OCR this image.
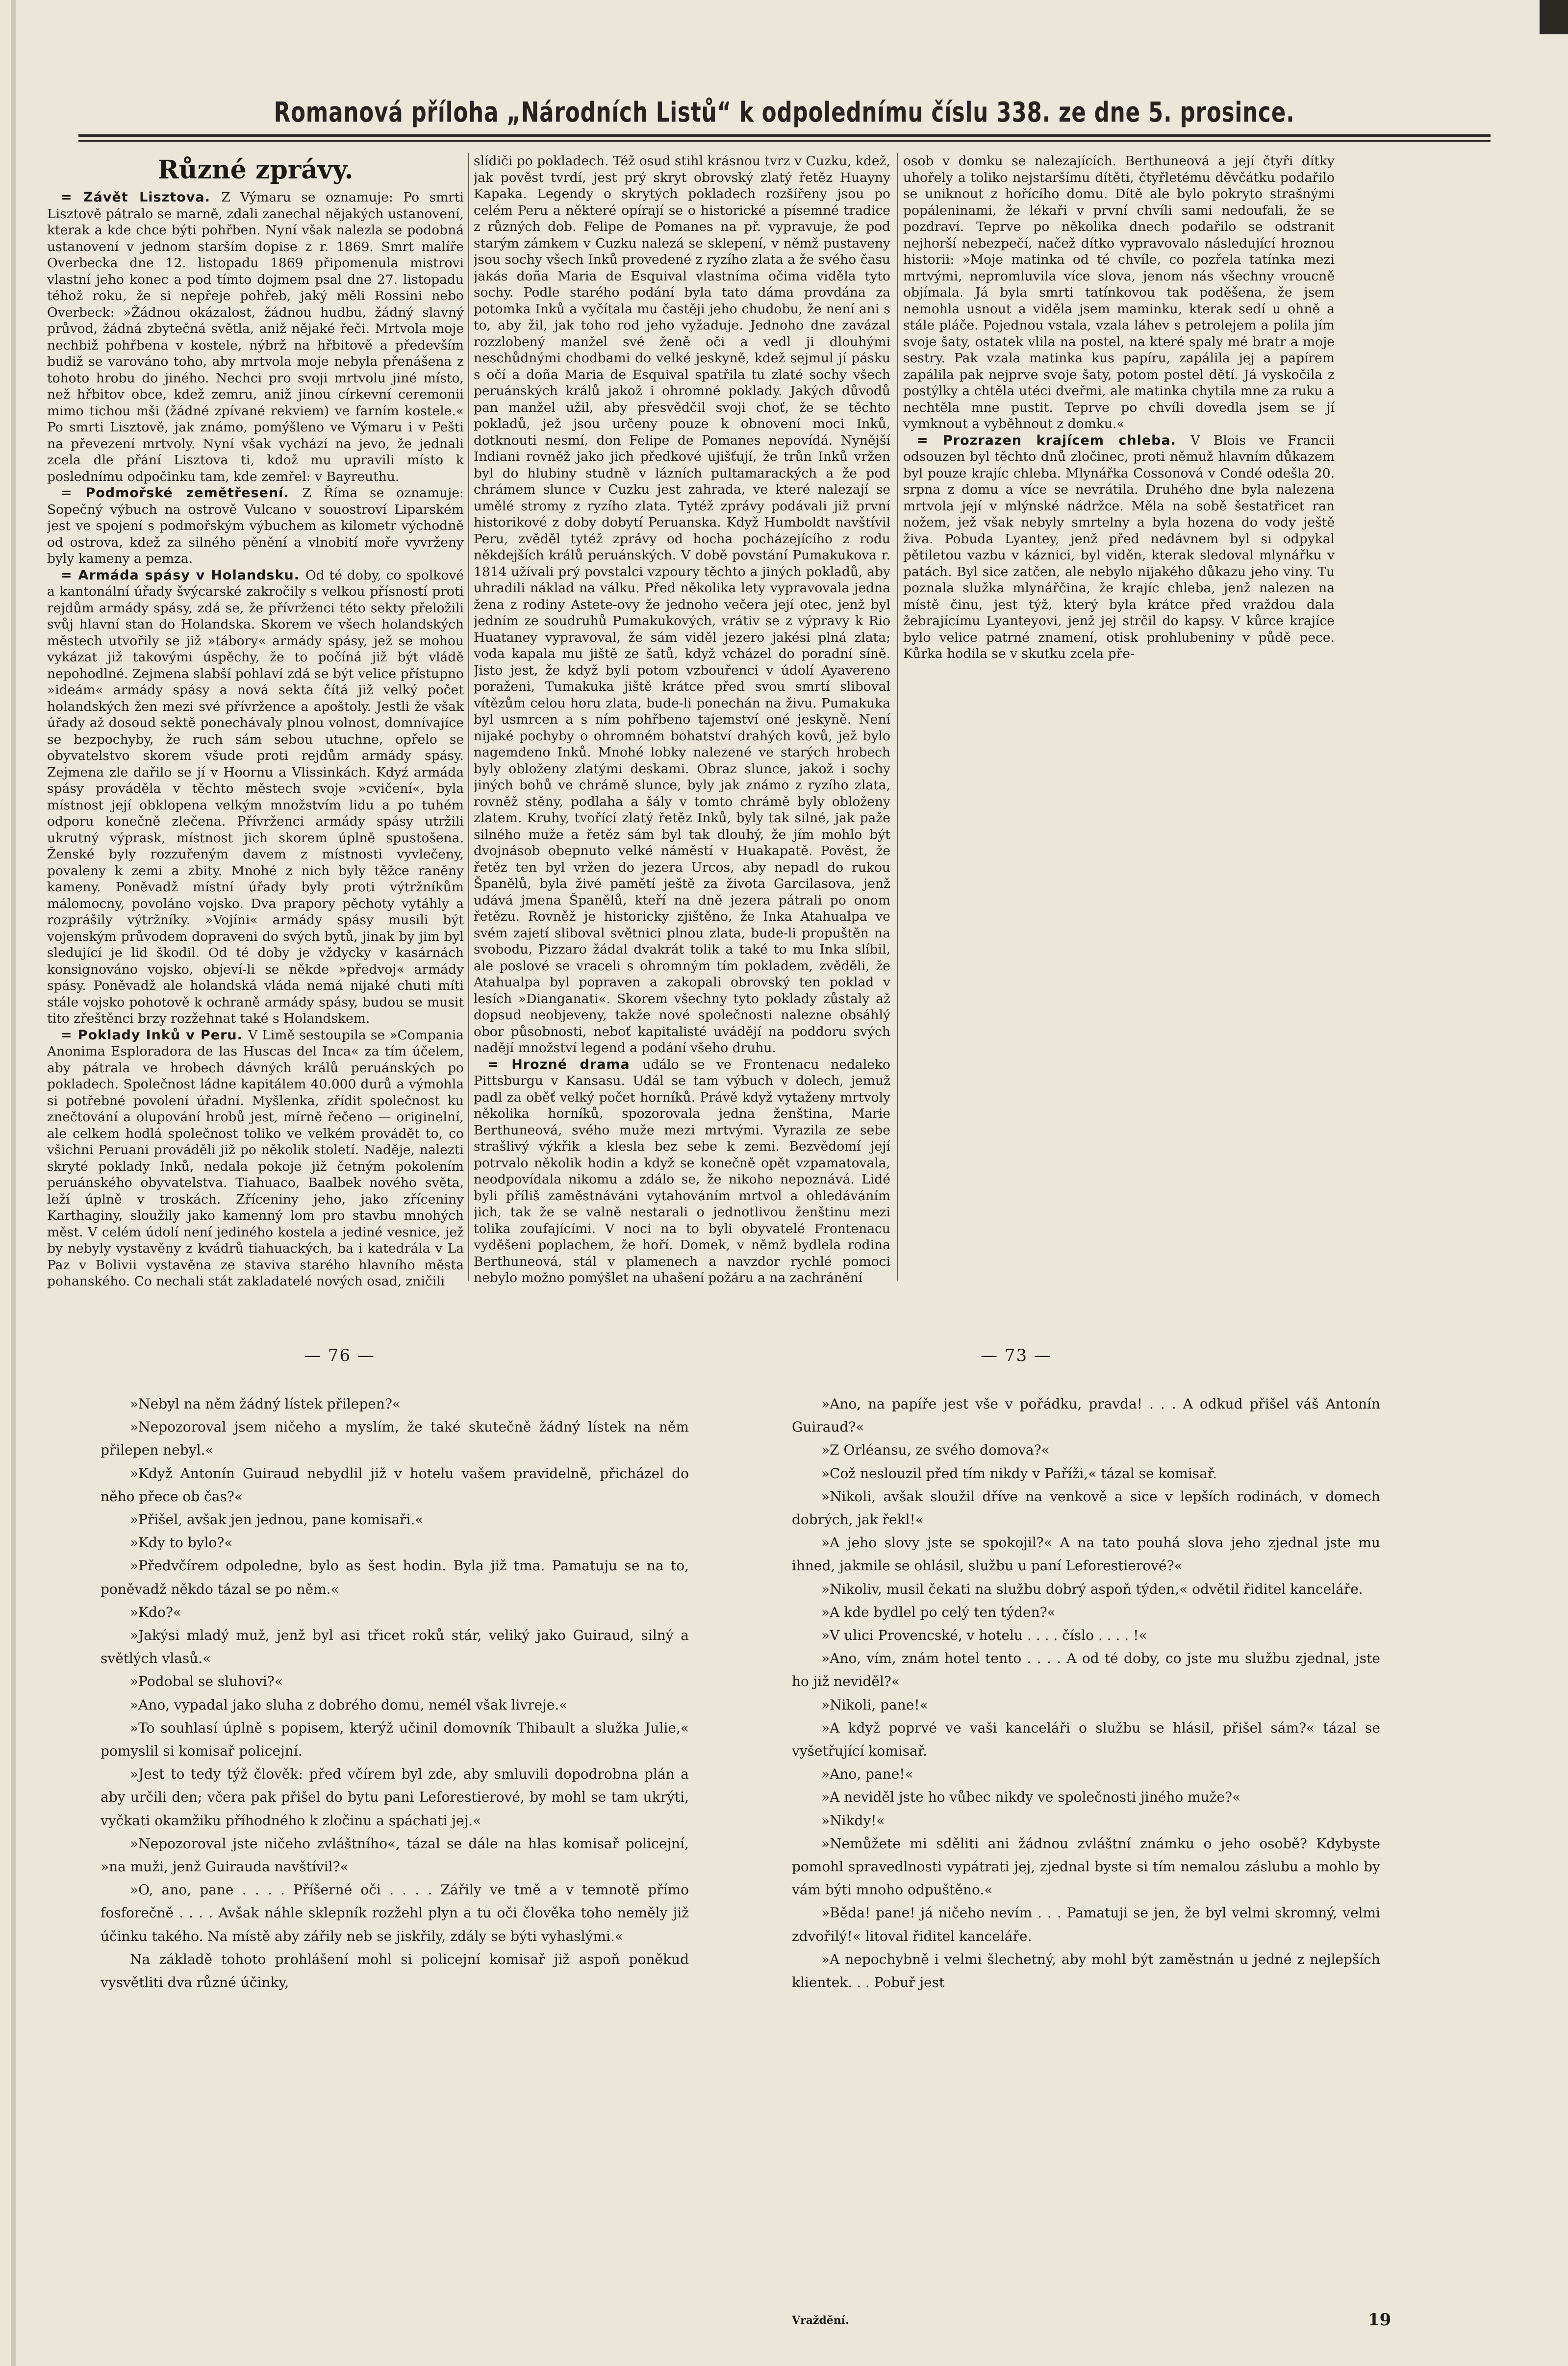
Romanová příloha „Národních Listů“ k odpolednímu číslu 338. ze dne 5. prosince.
Různé zprávy.

= Závět Lisztova. Z Výmaru se oznamuje: Po smrti Lisztově pátralo se marně, zdali zanechal nějakých ustanovení, kterak a kde chce býti pohřben. Nyní však nalezla se podobná ustanovení v jednom starším dopise z r. 1869. Smrt malíře Overbecka dne 12. listopadu 1869 připomenula mistrovi vlastní jeho konec a pod tímto dojmem psal dne 27. listopadu téhož roku, že si nepřeje pohřeb, jaký měli Rossini nebo Overbeck: »Žádnou okázalost, žádnou hudbu, žádný slavný průvod, žádná zbytečná světla, aniž nějaké řeči. Mrtvola moje nechbiž pohřbena v kostele, nýbrž na hřbitově a především budiž se varováno toho, aby mrtvola moje nebyla přenášena z tohoto hrobu do jiného. Nechci pro svoji mrtvolu jiné místo, než hřbitov obce, kdež zemru, aniž jinou církevní ceremonii mimo tichou mši (žádné zpívané rekviem) ve farním kostele.« Po smrti Lisztově, jak známo, pomýšleno ve Výmaru i v Pešti na převezení mrtvoly. Nyní však vychází na jevo, že jednali zcela dle přání Lisztova ti, kdož mu upravili místo k poslednímu odpočinku tam, kde zemřel: v Bayreuthu.

= Podmořské zemětřesení. Z Říma se oznamuje: Sopečný výbuch na ostrově Vulcano v souostroví Liparském jest ve spojení s podmořským výbuchem as kilometr východně od ostrova, kdež za silného pěnění a vlnobití moře vyvrženy byly kameny a pemza.

= Armáda spásy v Holandsku. Od té doby, co spolkové a kantonální úřady švýcarské zakročily s velkou přísností proti rejdům armády spásy, zdá se, že přívrženci této sekty přeložili svůj hlavní stan do Holandska. Skorem ve všech holandských městech utvořily se již »tábory« armády spásy, jež se mohou vykázat již takovými úspěchy, že to počíná již být vládě nepohodlné. Zejmena slabší pohlaví zdá se být velice přístupno »ideám« armády spásy a nová sekta čítá již velký počet holandských žen mezi své přívržence a apoštoly. Jestli že však úřady až dosoud sektě ponechávaly plnou volnost, domnívajíce se bezpochyby, že ruch sám sebou utuchne, opřelo se obyvatelstvo skorem všude proti rejdům armády spásy. Zejmena zle dařilo se jí v Hoornu a Vlissinkách. Kdyź armáda spásy prováděla v těchto městech svoje »cvičení«, byla místnost její obklopena velkým množstvím lidu a po tuhém odporu konečně zlečena. Přívrženci armády spásy utržili ukrutný výprask, místnost jich skorem úplně spustošena. Ženské byly rozzuřeným davem z místnosti vyvlečeny, povaleny k zemi a zbity. Mnohé z nich byly těžce raněny kameny. Poněvadž místní úřady byly proti výtržníkům málomocny, povoláno vojsko. Dva prapory pěchoty vytáhly a rozprášily výtržníky. »Vojíni« armády spásy musili být vojenským průvodem dopraveni do svých bytů, jinak by jim byl sledující je lid škodil. Od té doby je vždycky v kasárnách konsignováno vojsko, objeví-li se někde »předvoj« armády spásy. Poněvadž ale holandská vláda nemá nijaké chuti míti stále vojsko pohotově k ochraně armády spásy, budou se musit tito zřeštěnci brzy rozžehnat také s Holandskem.

= Poklady Inků v Peru. V Limě sestoupila se »Compania Anonima Esploradora de las Huscas del Inca« za tím účelem, aby pátrala ve hrobech dávných králů peruánských po pokladech. Společnost ládne kapitálem 40.000 durů a výmohla si potřebné povolení úřadní. Myšlenka, zřídit společnost ku znečtování a olupování hrobů jest, mírně řečeno — originelní, ale celkem hodlá společnost toliko ve velkém provádět to, co všichni Peruani prováděli již po několik století. Naděje, nalezti skryté poklady Inků, nedala pokoje již četným pokolením peruánského obyvatelstva. Tiahuaco, Baalbek nového světa, leží úplně v troskách. Zříceniny jeho, jako zříceniny Karthaginy, sloužily jako kamenný lom pro stavbu mnohých měst. V celém údolí není jediného kostela a jediné vesnice, jež by nebyly vystavěny z kvádrů tiahuackých, ba i katedrála v La Paz v Bolivii vystavěna ze staviva starého hlavního města pohanského. Co nechali stát zakladatelé nových osad, zničili

slídiči po pokladech. Též osud stihl krásnou tvrz v Cuzku, kdež, jak pověst tvrdí, jest prý skryt obrovský zlatý řetěz Huayny Kapaka. Legendy o skrytých pokladech rozšířeny jsou po celém Peru a některé opírají se o historické a písemné tradice z různých dob. Felipe de Pomanes na př. vypravuje, že pod starým zámkem v Cuzku nalezá se sklepení, v němž pustaveny jsou sochy všech Inků provedené z ryzího zlata a že svého času jakás doña Maria de Esquival vlastníma očima viděla tyto sochy. Podle starého podání byla tato dáma provdána za potomka Inků a vyčítala mu častěji jeho chudobu, že není ani s to, aby žil, jak toho rod jeho vyžaduje. Jednoho dne zavázal rozzlobený manžel své ženě oči a vedl ji dlouhými neschůdnými chodbami do velké jeskyně, kdež sejmul jí pásku s očí a doña Maria de Esquival spatřila tu zlaté sochy všech peruánských králů jakož i ohromné poklady. Jakých důvodů pan manžel užil, aby přesvědčil svoji choť, že se těchto pokladů, jež jsou určeny pouze k obnovení moci Inků, dotknouti nesmí, don Felipe de Pomanes nepovídá. Nynější Indiani rovněž jako jich předkové ujišťují, že trůn Inků vržen byl do hlubiny studně v lázních pultamarackých a že pod chrámem slunce v Cuzku jest zahrada, ve které nalezají se umělé stromy z ryzího zlata. Tytéž zprávy podávali již první historikové z doby dobytí Peruanska. Když Humboldt navštívil Peru, zvěděl tytéž zprávy od hocha pocházejícího z rodu někdejších králů peruánských. V době povstání Pumakukova r. 1814 užívali prý povstalci vzpoury těchto a jiných pokladů, aby uhradili náklad na válku. Před několika lety vypravovala jedna žena z rodiny Astete-ovy že jednoho večera její otec, jenž byl jedním ze soudruhů Pumakukových, vrátiv se z výpravy k Rio Huataney vypravoval, že sám viděl jezero jakési plná zlata; voda kapala mu jiště ze šatů, když vcházel do poradní síně. Jisto jest, že když byli potom vzbouřenci v údolí Ayavereno poraženi, Tumakuka jiště krátce před svou smrtí sliboval vítězům celou horu zlata, bude-li ponechán na živu. Pumakuka byl usmrcen a s ním pohřbeno tajemství oné jeskyně. Není nijaké pochyby o ohromném bohatství drahých kovů, jež bylo nagemdeno Inků. Mnohé lobky nalezené ve starých hrobech byly obloženy zlatými deskami. Obraz slunce, jakož i sochy jiných bohů ve chrámě slunce, byly jak známo z ryzího zlata, rovněž stěny, podlaha a šály v tomto chrámě byly obloženy zlatem. Kruhy, tvořící zlatý řetěz Inků, byly tak silné, jak paže silného muže a řetěz sám byl tak dlouhý, že jím mohlo být dvojnásob obepnuto velké náměstí v Huakapatě. Pověst, že řetěz ten byl vržen do jezera Urcos, aby nepadl do rukou Španělů, byla živé pamětí ještě za života Garcilasova, jenž udává jmena Španělů, kteří na dně jezera pátrali po onom řetězu. Rovněž je historicky zjištěno, že Inka Atahualpa ve svém zajetí sliboval světnici plnou zlata, bude-li propuštěn na svobodu, Pizzaro žádal dvakrát tolik a také to mu Inka slíbil, ale poslové se vraceli s ohromným tím pokladem, zvěděli, že Atahualpa byl popraven a zakopali obrovský ten poklad v lesích »Dianganati«. Skorem všechny tyto poklady zůstaly až dopsud neobjeveny, takže nové společnosti nalezne obsáhlý obor působnosti, neboť kapitalisté uvádějí na poddoru svých nadějí množství legend a podání všeho druhu.

= Hrozné drama událo se ve Frontenacu nedaleko Pittsburgu v Kansasu. Udál se tam výbuch v dolech, jemuž padl za oběť velký počet horníků. Právě když vytaženy mrtvoly několika horníků, spozorovala jedna ženština, Marie Berthuneová, svého muže mezi mrtvými. Vyrazila ze sebe strašlivý výkřik a klesla bez sebe k zemi. Bezvědomí její potrvalo několik hodin a když se konečně opět vzpamatovala, neodpovídala nikomu a zdálo se, že nikoho nepoznává. Lidé byli příliš zaměstnáváni vytahováním mrtvol a ohledáváním jich, tak že se valně nestarali o jednotlivou ženštinu mezi tolika zoufajícími. V noci na to byli obyvatelé Frontenacu vyděšeni poplachem, že hoří. Domek, v němž bydlela rodina Berthuneová, stál v plamenech a navzdor rychlé pomoci nebylo možno pomýšlet na uhašení požáru a na zachránění

osob v domku se nalezajících. Berthuneová a její čtyři dítky uhořely a toliko nejstaršímu dítěti, čtyřletému děvčátku podařilo se uniknout z hořícího domu. Dítě ale bylo pokryto strašnými popáleninami, že lékaři v první chvíli sami nedoufali, že se pozdraví. Teprve po několika dnech podařilo se odstranit nejhorší nebezpečí, načež dítko vypravovalo následující hroznou historii: »Moje matinka od té chvíle, co pozřela tatínka mezi mrtvými, nepromluvila více slova, jenom nás všechny vroucně objímala. Já byla smrti tatínkovou tak poděšena, že jsem nemohla usnout a viděla jsem maminku, kterak sedí u ohně a stále pláče. Pojednou vstala, vzala láhev s petrolejem a polila jím svoje šaty, ostatek vlila na postel, na které spaly mé bratr a moje sestry. Pak vzala matinka kus papíru, zapálila jej a papírem zapálila pak nejprve svoje šaty, potom postel dětí. Já vyskočila z postýlky a chtěla utéci dveřmi, ale matinka chytila mne za ruku a nechtěla mne pustit. Teprve po chvíli dovedla jsem se jí vymknout a vyběhnout z domku.«

= Prozrazen krajícem chleba. V Blois ve Francii odsouzen byl těchto dnů zločinec, proti němuž hlavním důkazem byl pouze krajíc chleba. Mlynářka Cossonová v Condé odešla 20. srpna z domu a více se nevrátila. Druhého dne byla nalezena mrtvola její v mlýnské nádržce. Měla na sobě šestatřicet ran nožem, jež však nebyly smrtelny a byla hozena do vody ještě živa. Pobuda Lyantey, jenž před nedávnem byl si odpykal pětiletou vazbu v káznici, byl viděn, kterak sledoval mlynářku v patách. Byl sice zatčen, ale nebylo nijakého důkazu jeho viny. Tu poznala služka mlynářčina, že krajíc chleba, jenž nalezen na místě činu, jest týž, který byla krátce před vraždou dala žebrajícímu Lyanteyovi, jenž jej strčil do kapsy. V kůrce krajíce bylo velice patrné znamení, otisk prohlubeniny v půdě pece. Kůrka hodila se v skutku zcela pře-

— 76 —	— 73 —

»Nebyl na něm žádný lístek přilepen?«

»Nepozoroval jsem ničeho a myslím, že také skutečně žádný lístek na něm přilepen nebyl.«

»Když Antonín Guiraud nebydlil již v hotelu vašem pravidelně, přicházel do něho přece ob čas?«

»Přišel, avšak jen jednou, pane komisaři.«

»Kdy to bylo?«

»Předvčírem odpoledne, bylo as šest hodin. Byla již tma. Pamatuju se na to, poněvadž někdo tázal se po něm.«

»Kdo?«

»Jakýsi mladý muž, jenž byl asi třicet roků stár, veliký jako Guiraud, silný a světlých vlasů.«

»Podobal se sluhovi?«

»Ano, vypadal jako sluha z dobrého domu, nemél však livreje.«

»To souhlasí úplně s popisem, kterýž učinil domovník Thibault a služka Julie,« pomyslil si komisař policejní.

»Jest to tedy týž člověk: před včírem byl zde, aby smluvili dopodrobna plán a aby určili den; včera pak přišel do bytu pani Leforestierové, by mohl se tam ukrýti, vyčkati okamžiku příhodného k zločinu a spáchati jej.«

»Nepozoroval jste ničeho zvláštního«, tázal se dále na hlas komisař policejní, »na muži, jenž Guirauda navštívil?«

»O, ano, pane . . . . Příšerné oči . . . . Zářily ve tmě a v temnotě přímo fosforečně . . . . Avšak náhle sklepník rozžehl plyn a tu oči člověka toho neměly již účinku takého. Na místě aby zářily neb se jiskřily, zdály se býti vyhaslými.«

Na základě tohoto prohlášení mohl si policejní komisař již aspoň poněkud vysvětliti dva různé účinky,

»Ano, na papíře jest vše v pořádku, pravda! . . . A odkud přišel váš Antonín Guiraud?«

»Z Orléansu, ze svého domova?«

»Což neslouzil před tím nikdy v Paříži,« tázal se komisař.

»Nikoli, avšak sloužil dříve na venkově a sice v lepších rodinách, v domech dobrých, jak řekl!«

»A jeho slovy jste se spokojil?« A na tato pouhá slova jeho zjednal jste mu ihned, jakmile se ohlásil, službu u paní Leforestierové?«

»Nikoliv, musil čekati na službu dobrý aspoň týden,« odvětil řiditel kanceláře.

»A kde bydlel po celý ten týden?«

»V ulici Provencské, v hotelu . . . . číslo . . . . !«

»Ano, vím, znám hotel tento . . . . A od té doby, co jste mu službu zjednal, jste ho již neviděl?«

»Nikoli, pane!«

»A když poprvé ve vaši kanceláři o službu se hlásil, přišel sám?« tázal se vyšetřující komisař.

»Ano, pane!«

»A neviděl jste ho vůbec nikdy ve společnosti jiného muže?«

»Nikdy!«

»Nemůžete mi sděliti ani žádnou zvláštní známku o jeho osobě? Kdybyste pomohl spravedlnosti vypátrati jej, zjednal byste si tím nemalou záslubu a mohlo by vám býti mnoho odpuštěno.«

»Běda! pane! já ničeho nevím . . . Pamatuji se jen, že byl velmi skromný, velmi zdvořilý!« litoval řiditel kanceláře.

»A nepochybně i velmi šlechetný, aby mohl být zaměstnán u jedné z nejlepších klientek. . . Pobuř jest

Vraždění.	19
